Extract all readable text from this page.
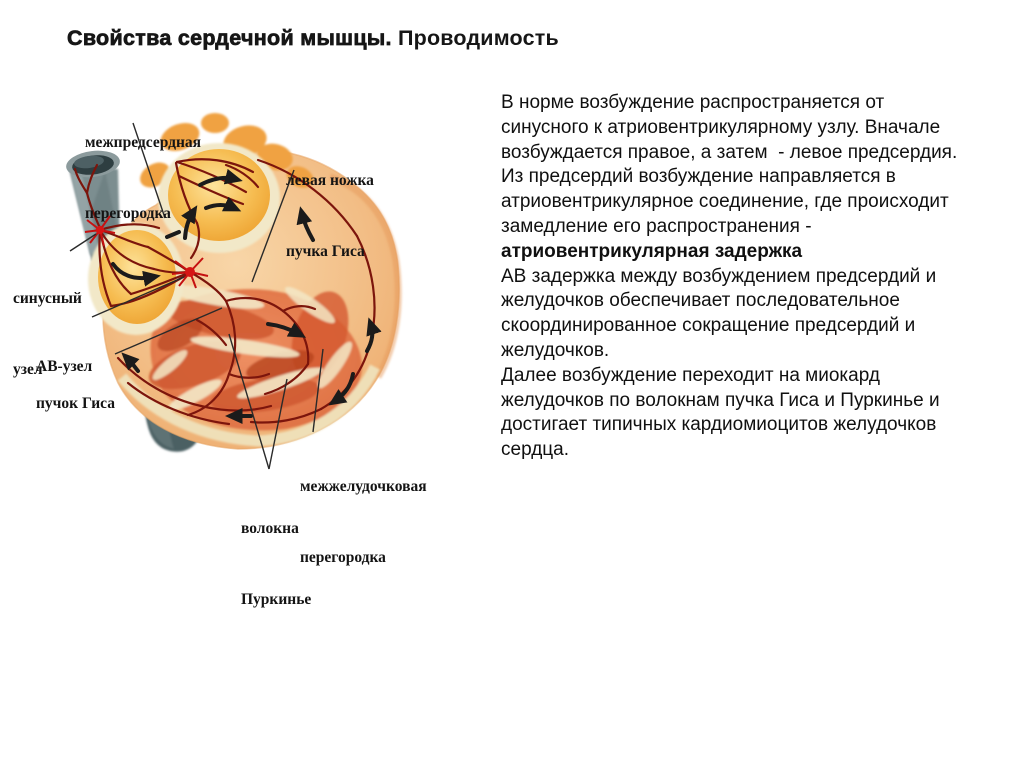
Свойства сердечной мышцы. Проводимость

межпредсердная

перегородка

левая ножка

пучка Гиса

синусный

узел

АВ-узел

пучок Гиса

межжелудочковая

перегородка

волокна

Пуркинье

В норме возбуждение распространяется от
синусного к атриовентрикулярному узлу. Вначале
возбуждается правое, а затем  - левое предсердия.
Из предсердий возбуждение направляется в
атриовентрикулярное соединение, где происходит
замедление его распространения -
атриовентрикулярная задержка
АВ задержка между возбуждением предсердий и
желудочков обеспечивает последовательное
скоординированное сокращение предсердий и
желудочков.
Далее возбуждение переходит на миокард
желудочков по волокнам пучка Гиса и Пуркинье и
достигает типичных кардиомиоцитов желудочков
сердца.
